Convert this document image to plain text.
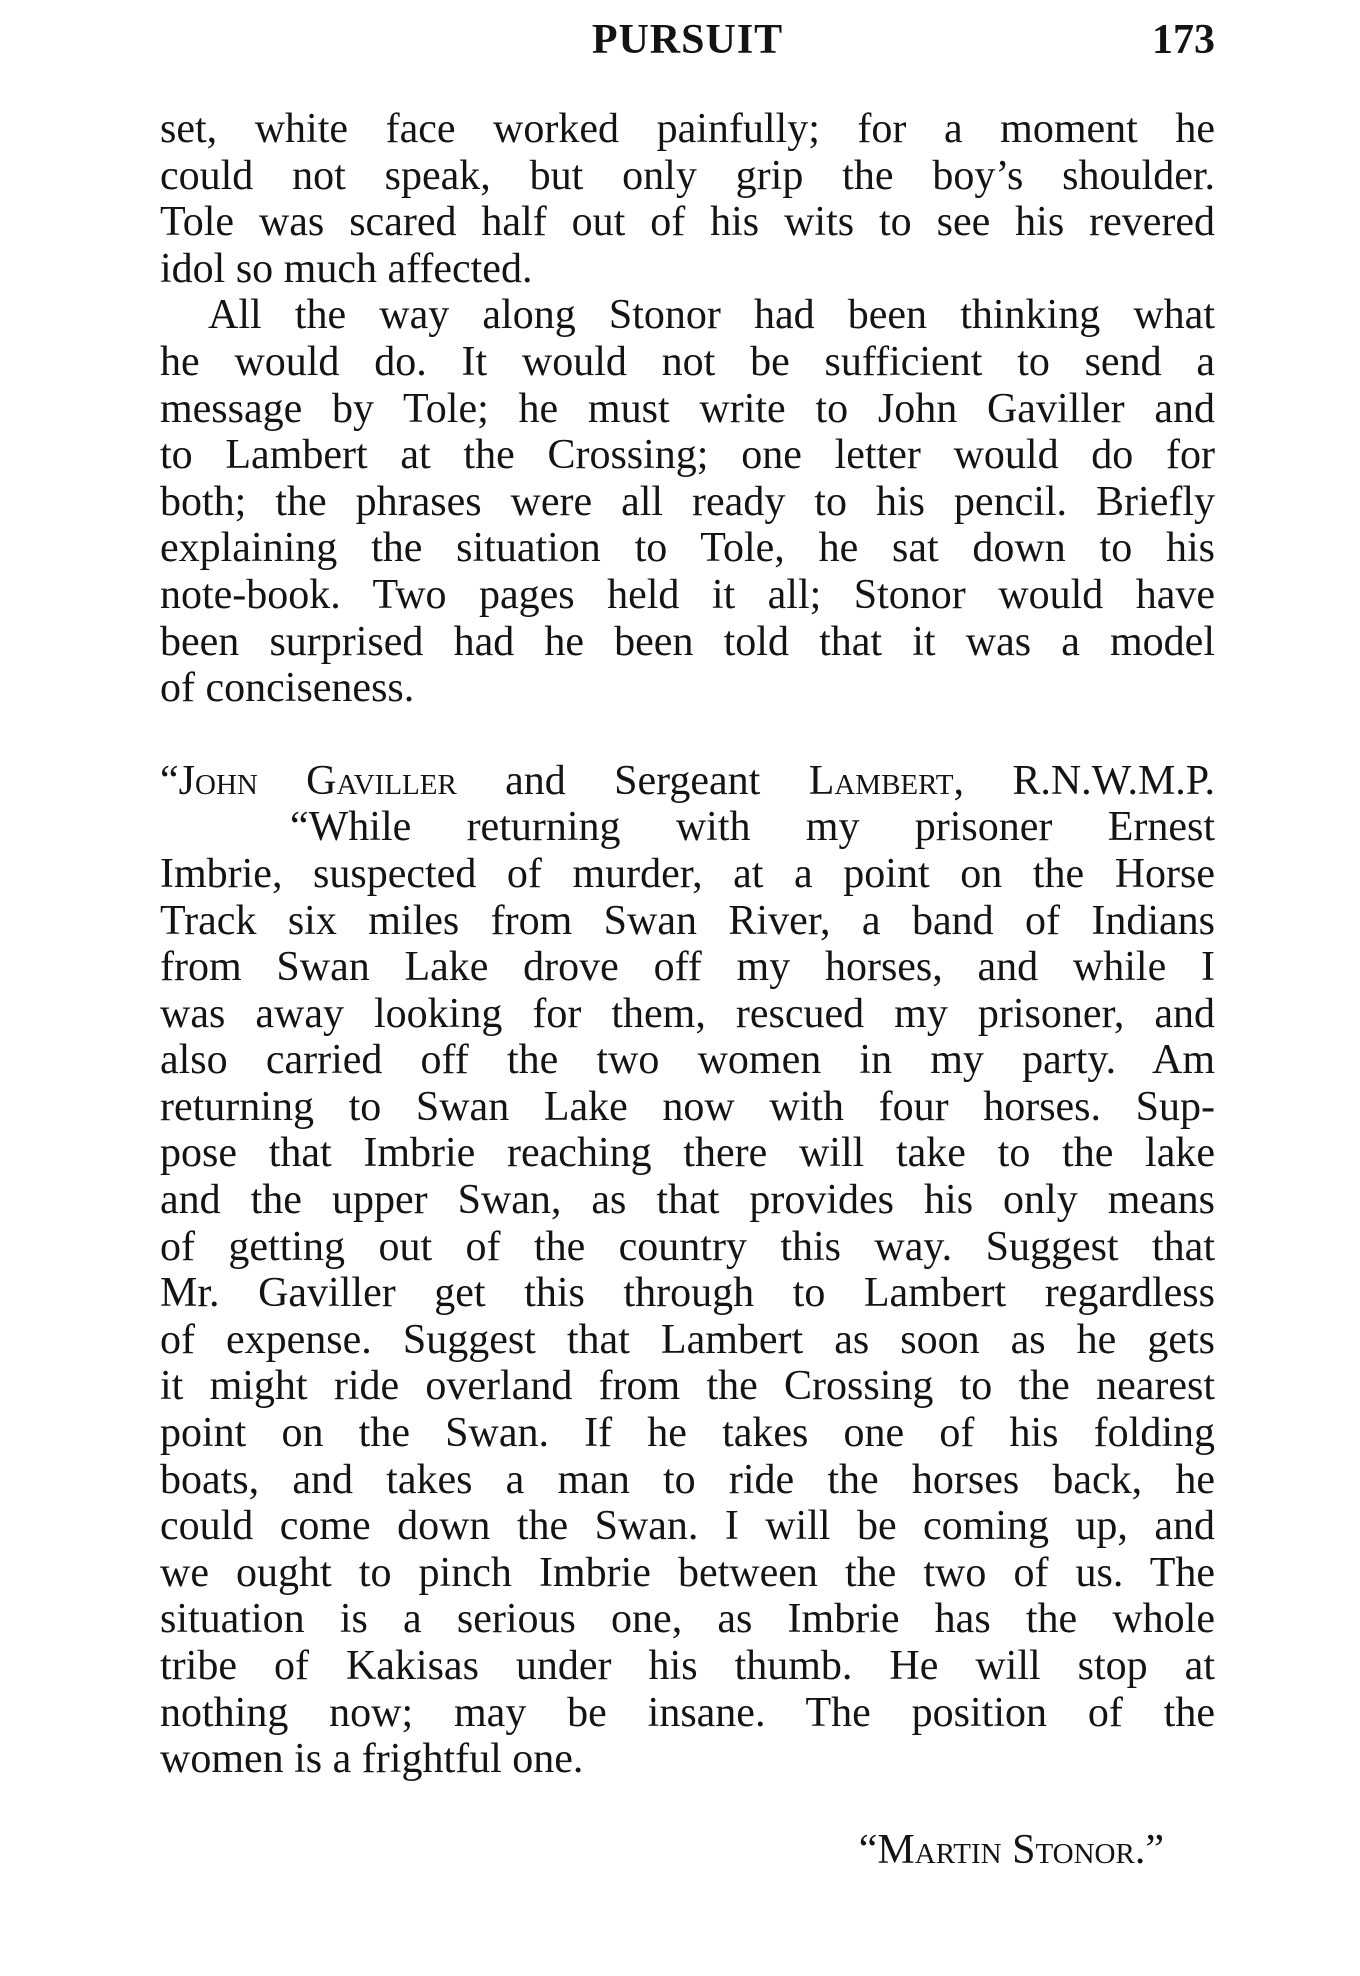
PURSUIT	173
set, white face worked painfully; for a moment he
could not speak, but only grip the boy’s shoulder.
Tole was scared half out of his wits to see his revered
idol so much affected.
All the way along Stonor had been thinking what
he would do. It would not be sufficient to send a
message by Tole; he must write to John Gaviller and
to Lambert at the Crossing; one letter would do for
both; the phrases were all ready to his pencil. Briefly
explaining the situation to Tole, he sat down to his
note-book. Two pages held it all; Stonor would have
been surprised had he been told that it was a model
of conciseness.
“John Gaviller and Sergeant Lambert, R.N.W.M.P.
“While returning with my prisoner Ernest
Imbrie, suspected of murder, at a point on the Horse
Track six miles from Swan River, a band of Indians
from Swan Lake drove off my horses, and while I
was away looking for them, rescued my prisoner, and
also carried off the two women in my party. Am
returning to Swan Lake now with four horses. Sup-
pose that Imbrie reaching there will take to the lake
and the upper Swan, as that provides his only means
of getting out of the country this way. Suggest that
Mr. Gaviller get this through to Lambert regardless
of expense. Suggest that Lambert as soon as he gets
it might ride overland from the Crossing to the nearest
point on the Swan. If he takes one of his folding
boats, and takes a man to ride the horses back, he
could come down the Swan. I will be coming up, and
we ought to pinch Imbrie between the two of us. The
situation is a serious one, as Imbrie has the whole
tribe of Kakisas under his thumb. He will stop at
nothing now; may be insane. The position of the
women is a frightful one.
“Martin Stonor.”
